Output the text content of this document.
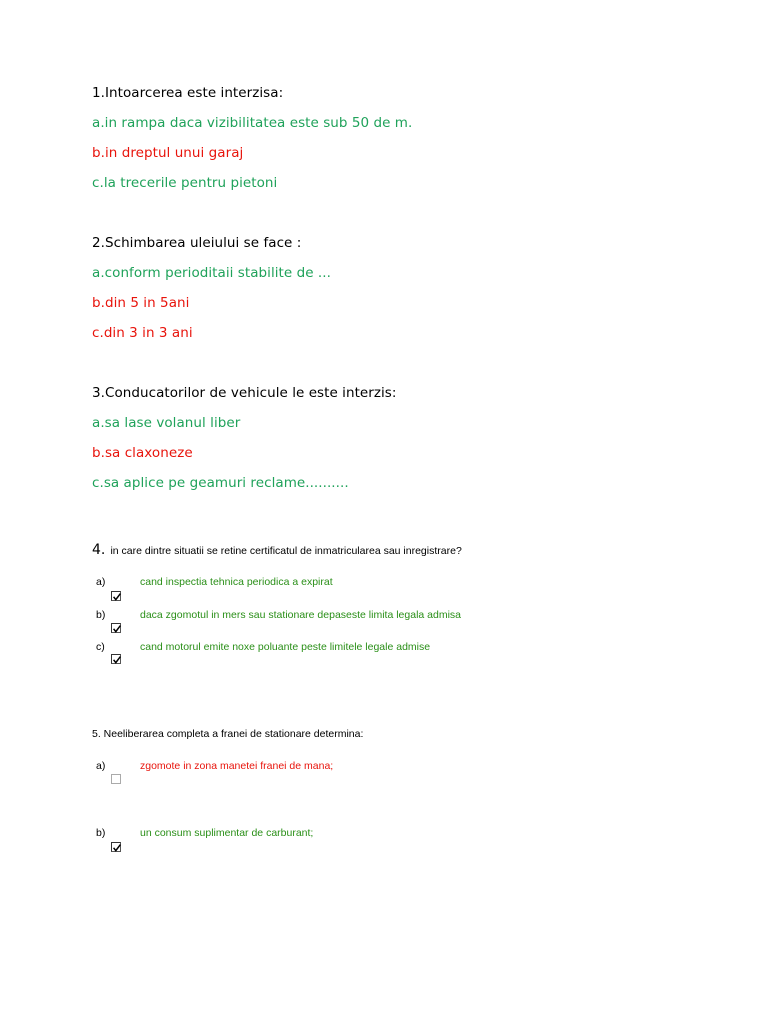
1.Intoarcerea este interzisa:
a.in rampa daca vizibilitatea este sub 50 de m.
b.in dreptul unui garaj
c.la trecerile pentru pietoni
2.Schimbarea uleiului se face :
a.conform perioditaii stabilite de ...
b.din 5 in 5ani
c.din 3 in 3 ani
3.Conducatorilor de vehicule le este interzis:
a.sa lase volanul liber
b.sa claxoneze
c.sa aplice pe geamuri reclame..........
4. in care dintre situatii se retine certificatul de inmatricularea sau inregistrare?
a)	cand inspectia tehnica periodica a expirat
b)	daca zgomotul in mers sau stationare depaseste limita legala admisa
c)	cand motorul emite noxe poluante peste limitele legale admise
5. Neeliberarea completa a franei de stationare determina:
a)	zgomote in zona manetei franei de mana;
b)	un consum suplimentar de carburant;
